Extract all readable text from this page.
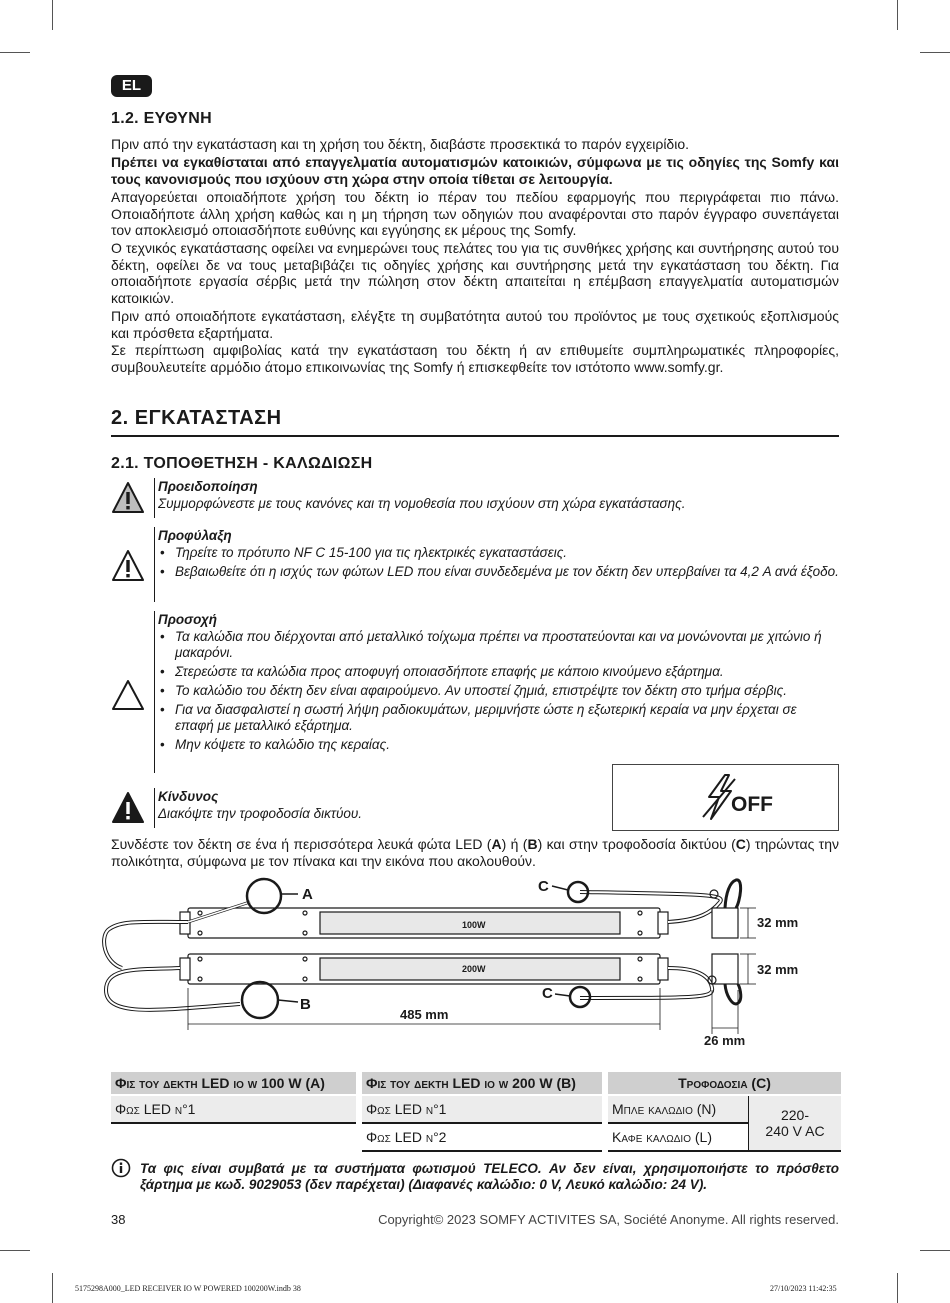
EL
1.2. ΕΥΘΥΝΗ
Πριν από την εγκατάσταση και τη χρήση του δέκτη, διαβάστε προσεκτικά το παρόν εγχειρίδιο.
Πρέπει να εγκαθίσταται από επαγγελματία αυτοματισμών κατοικιών, σύμφωνα με τις οδηγίες της Somfy και τους κανονισμούς που ισχύουν στη χώρα στην οποία τίθεται σε λειτουργία.
Απαγορεύεται οποιαδήποτε χρήση του δέκτη io πέραν του πεδίου εφαρμογής που περιγράφεται πιο πάνω. Οποιαδήποτε άλλη χρήση καθώς και η μη τήρηση των οδηγιών που αναφέρονται στο παρόν έγγραφο συνεπάγεται τον αποκλεισμό οποιασδήποτε ευθύνης και εγγύησης εκ μέρους της Somfy.
Ο τεχνικός εγκατάστασης οφείλει να ενημερώνει τους πελάτες του για τις συνθήκες χρήσης και συντήρησης αυτού του δέκτη, οφείλει δε να τους μεταβιβάζει τις οδηγίες χρήσης και συντήρησης μετά την εγκατάσταση του δέκτη. Για οποιαδήποτε εργασία σέρβις μετά την πώληση στον δέκτη απαιτείται η επέμβαση επαγγελματία αυτοματισμών κατοικιών.
Πριν από οποιαδήποτε εγκατάσταση, ελέγξτε τη συμβατότητα αυτού του προϊόντος με τους σχετικούς εξοπλισμούς και πρόσθετα εξαρτήματα.
Σε περίπτωση αμφιβολίας κατά την εγκατάσταση του δέκτη ή αν επιθυμείτε συμπληρωματικές πληροφορίες, συμβουλευτείτε αρμόδιο άτομο επικοινωνίας της Somfy ή επισκεφθείτε τον ιστότοπο www.somfy.gr.
2. ΕΓΚΑΤΑΣΤΑΣΗ
2.1. ΤΟΠΟΘΕΤΗΣΗ - ΚΑΛΩΔΙΩΣΗ
Προειδοποίηση
Συμμορφώνεστε με τους κανόνες και τη νομοθεσία που ισχύουν στη χώρα εγκατάστασης.
Προφύλαξη
• Τηρείτε το πρότυπο NF C 15-100 για τις ηλεκτρικές εγκαταστάσεις.
• Βεβαιωθείτε ότι η ισχύς των φώτων LED που είναι συνδεδεμένα με τον δέκτη δεν υπερβαίνει τα 4,2 A ανά έξοδο.
Προσοχή
• Τα καλώδια που διέρχονται από μεταλλικό τοίχωμα πρέπει να προστατεύονται και να μονώνονται με χιτώνιο ή μακαρόνι.
• Στερεώστε τα καλώδια προς αποφυγή οποιασδήποτε επαφής με κάποιο κινούμενο εξάρτημα.
• Το καλώδιο του δέκτη δεν είναι αφαιρούμενο. Αν υποστεί ζημιά, επιστρέψτε τον δέκτη στο τμήμα σέρβις.
• Για να διασφαλιστεί η σωστή λήψη ραδιοκυμάτων, μεριμνήστε ώστε η εξωτερική κεραία να μην έρχεται σε επαφή με μεταλλικό εξάρτημα.
• Μην κόψετε το καλώδιο της κεραίας.
Κίνδυνος
Διακόψτε την τροφοδοσία δικτύου.	OFF
Συνδέστε τον δέκτη σε ένα ή περισσότερα λευκά φώτα LED (A) ή (B) και στην τροφοδοσία δικτύου (C) τηρώντας την πολικότητα, σύμφωνα με τον πίνακα και την εικόνα που ακολουθούν.
A
B
C
C
100W
200W
485 mm
32 mm
32 mm
26 mm
Φις του δεκτη LED io w 100 W (A)		Φις του δεκτη LED io w 200 W (B)		Τροφοδοσια (C)	
Φως LED n°1		Φως LED n°1		Μπλε καλωδιο (N)	220-
240 V AC

		Φως LED n°2		Καφε καλωδιο (L)	
Τα φις είναι συμβατά με τα συστήματα φωτισμού TELECO. Αν δεν είναι, χρησιμοποιήστε το πρόσθετο ξάρτημα με κωδ. 9029053 (δεν παρέχεται) (Διαφανές καλώδιο: 0 V, Λευκό καλώδιο: 24 V).
38	Copyright© 2023 SOMFY ACTIVITES SA, Société Anonyme. All rights reserved.
5175298A000_LED RECEIVER IO W POWERED 100200W.indb 38	27/10/2023 11:42:35
